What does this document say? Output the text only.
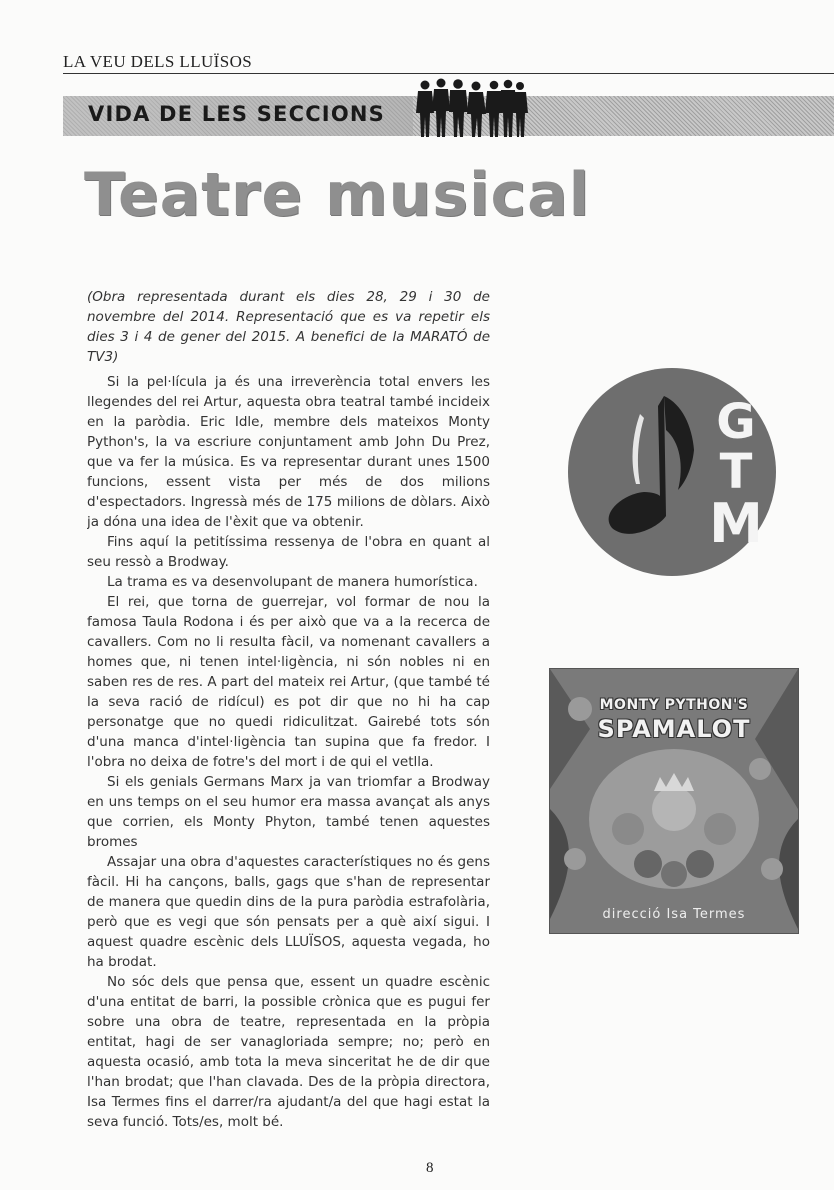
LA VEU DELS LLUÏSOS
VIDA DE LES SECCIONS
Teatre musical

(Obra representada durant els dies 28, 29 i 30 de novembre del 2014. Representació que es va repetir els dies 3 i 4 de gener del 2015. A benefici de la MARATÓ de TV3)

Si la pel·lícula ja és una irreverència total envers les llegendes del rei Artur, aquesta obra teatral també incideix en la paròdia. Eric Idle, membre dels mateixos Monty Python's, la va escriure conjuntament amb John Du Prez, que va fer la música. Es va representar durant unes 1500 funcions, essent vista per més de dos milions d'espectadors. Ingressà més de 175 milions de dòlars. Això ja dóna una idea de l'èxit que va obtenir.

Fins aquí la petitíssima ressenya de l'obra en quant al seu ressò a Brodway.

La trama es va desenvolupant de manera humorística.

El rei, que torna de guerrejar, vol formar de nou la famosa Taula Rodona i és per això que va a la recerca de cavallers. Com no li resulta fàcil, va nomenant cavallers a homes que, ni tenen intel·ligència, ni són nobles ni en saben res de res. A part del mateix rei Artur, (que també té la seva ració de ridícul) es pot dir que no hi ha cap personatge que no quedi ridiculitzat. Gairebé tots són d'una manca d'intel·ligència tan supina que fa fredor. I l'obra no deixa de fotre's del mort i de qui el vetlla.

Si els genials Germans Marx ja van triomfar a Brodway en uns temps on el seu humor era massa avançat als anys que corrien, els Monty Phyton, també tenen aquestes bromes

Assajar una obra d'aquestes característiques no és gens fàcil. Hi ha cançons, balls, gags que s'han de representar de manera que quedin dins de la pura paròdia estrafolària, però que es vegi que són pensats per a què així sigui. I aquest quadre escènic dels LLUÏSOS, aquesta vegada, ho ha brodat.

No sóc dels que pensa que, essent un quadre escènic d'una entitat de barri, la possible crònica que es pugui fer sobre una obra de teatre, representada en la pròpia entitat, hagi de ser vanagloriada sempre; no; però en aquesta ocasió, amb tota la meva sinceritat he de dir que l'han brodat; que l'han clavada. Des de la pròpia directora, Isa Termes fins el darrer/ra ajudant/a del que hagi estat la seva funció. Tots/es, molt bé.

G
T
M
MONTY PYTHON'S
SPAMALOT
direcció Isa Termes
8
